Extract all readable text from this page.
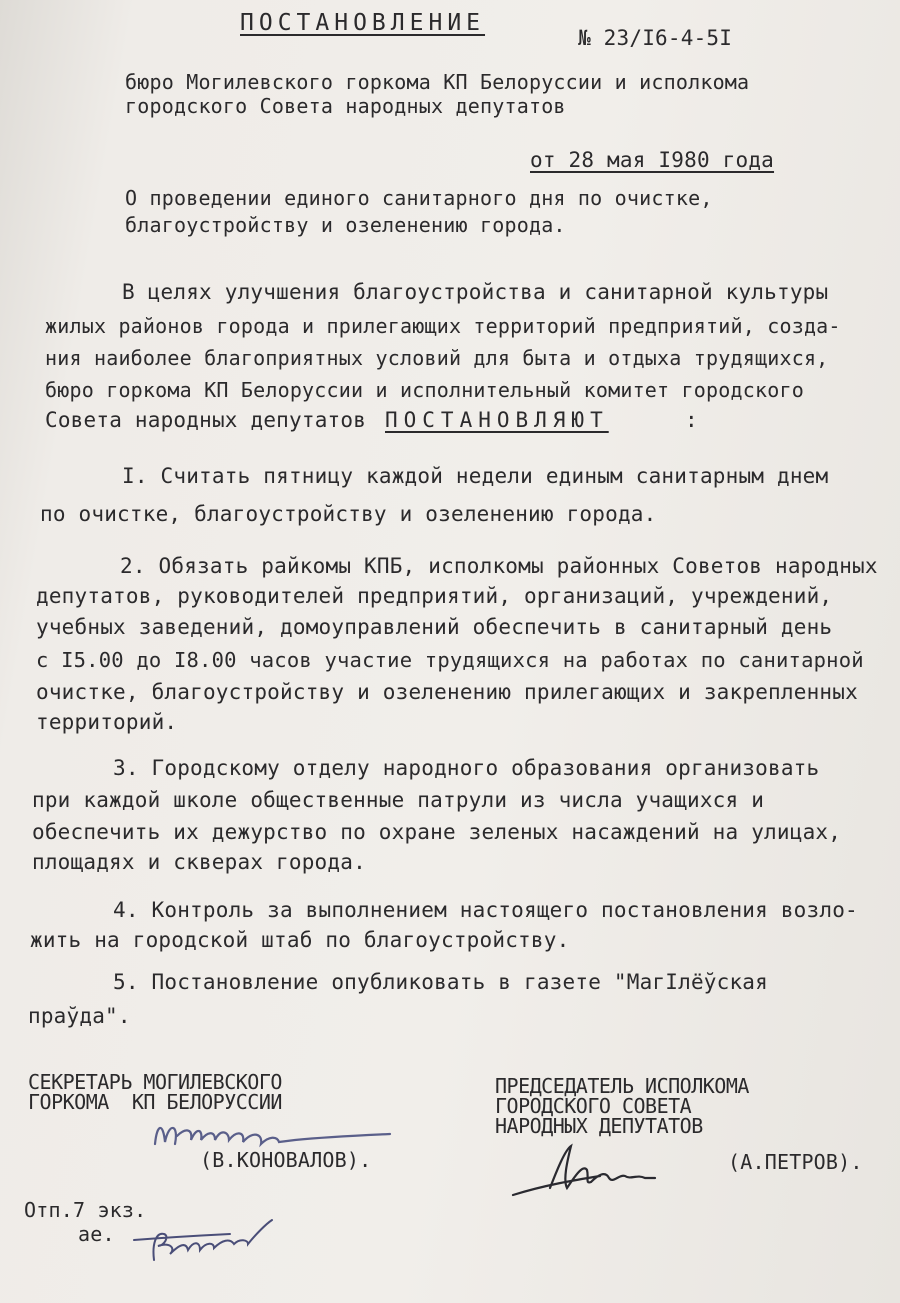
ПОСТАНОВЛЕНИЕ
№ 23/I6-4-5I
бюро Могилевского горкома КП Белоруссии и исполкома
городского Совета народных депутатов
от 28 мая I980 года
О проведении единого санитарного дня по очистке,
благоустройству и озеленению города.
В целях улучшения благоустройства и санитарной культуры
жилых районов города и прилегающих территорий предприятий, созда-
ния наиболее благоприятных условий для быта и отдыха трудящихся,
бюро горкома КП Белоруссии и исполнительный комитет городского
Совета народных депутатов ПОСТАНОВЛЯЮТ	:
I. Считать пятницу каждой недели единым санитарным днем
по очистке, благоустройству и озеленению города.
2. Обязать райкомы КПБ, исполкомы районных Советов народных
депутатов, руководителей предприятий, организаций, учреждений,
учебных заведений, домоуправлений обеспечить в санитарный день
с I5.00 до I8.00 часов участие трудящихся на работах по санитарной
очистке, благоустройству и озеленению прилегающих и закрепленных
территорий.
3. Городскому отделу народного образования организовать
при каждой школе общественные патрули из числа учащихся и
обеспечить их дежурство по охране зеленых насаждений на улицах,
площадях и скверах города.
4. Контроль за выполнением настоящего постановления возло-
жить на городской штаб по благоустройству.
5. Постановление опубликовать в газете "МагIлёўская
праўда".
СЕКРЕТАРЬ МОГИЛЕВСКОГО
ГОРКОМА  КП БЕЛОРУССИИ
(В.КОНОВАЛОВ).
ПРЕДСЕДАТЕЛЬ ИСПОЛКОМА
ГОРОДСКОГО СОВЕТА
НАРОДНЫХ ДЕПУТАТОВ
(А.ПЕТРОВ).
Отп.7 экз.
ае.
